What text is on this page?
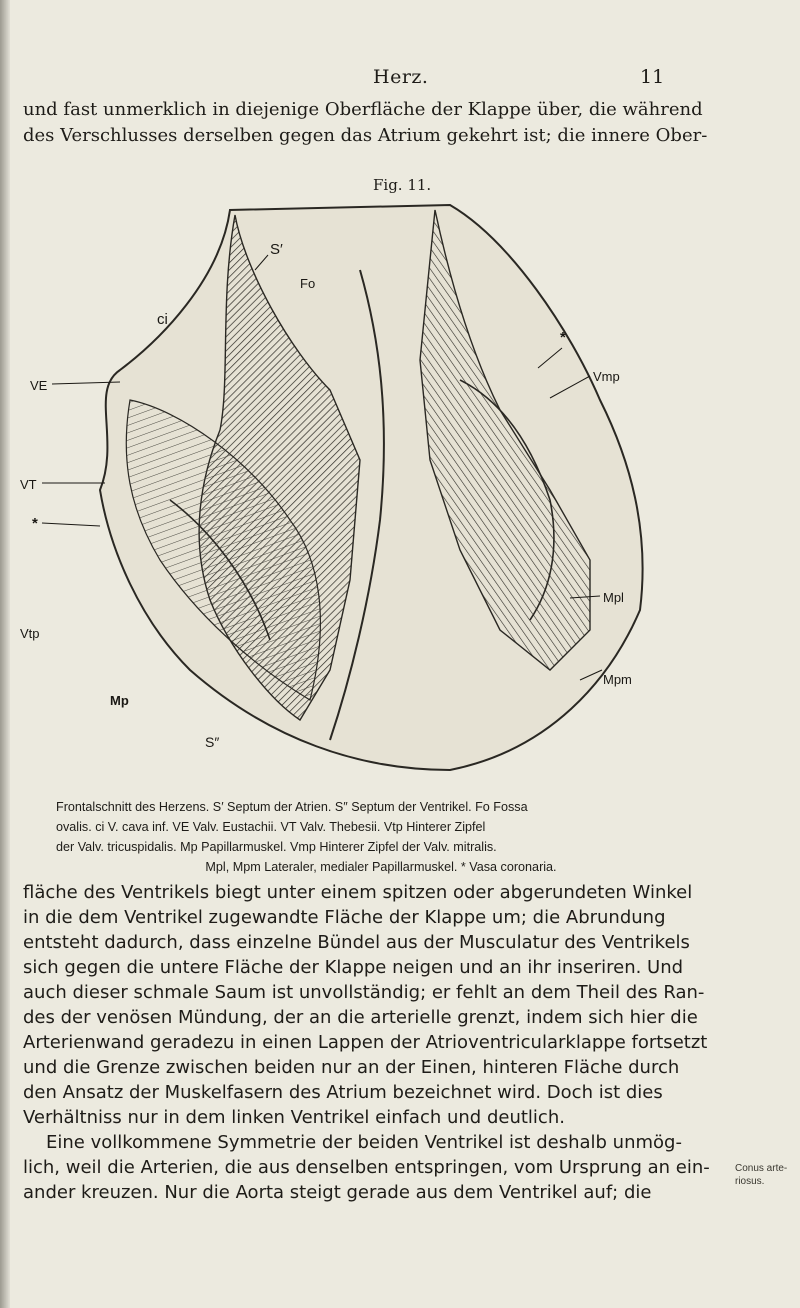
Herz.	11
und fast unmerklich in diejenige Oberfläche der Klappe über, die während
des Verschlusses derselben gegen das Atrium gekehrt ist; die innere Ober-
Fig. 11.
S′
Fo
ci
*
VE
Vmp
VT
*
Mpl
Vtp
Mpm
Mp
S″
Frontalschnitt des Herzens. S′ Septum der Atrien. S″ Septum der Ventrikel. Fo Fossa
ovalis. ci V. cava inf. VE Valv. Eustachii. VT Valv. Thebesii. Vtp Hinterer Zipfel
der Valv. tricuspidalis. Mp Papillarmuskel. Vmp Hinterer Zipfel der Valv. mitralis.
Mpl, Mpm Lateraler, medialer Papillarmuskel. * Vasa coronaria.
fläche des Ventrikels biegt unter einem spitzen oder abgerundeten Winkel
in die dem Ventrikel zugewandte Fläche der Klappe um; die Abrundung
entsteht dadurch, dass einzelne Bündel aus der Musculatur des Ventrikels
sich gegen die untere Fläche der Klappe neigen und an ihr inseriren. Und
auch dieser schmale Saum ist unvollständig; er fehlt an dem Theil des Ran-
des der venösen Mündung, der an die arterielle grenzt, indem sich hier die
Arterienwand geradezu in einen Lappen der Atrioventricularklappe fortsetzt
und die Grenze zwischen beiden nur an der Einen, hinteren Fläche durch
den Ansatz der Muskelfasern des Atrium bezeichnet wird. Doch ist dies
Verhältniss nur in dem linken Ventrikel einfach und deutlich.
Eine vollkommene Symmetrie der beiden Ventrikel ist deshalb unmög-
lich, weil die Arterien, die aus denselben entspringen, vom Ursprung an ein-
ander kreuzen. Nur die Aorta steigt gerade aus dem Ventrikel auf; die
Conus arte-
riosus.
